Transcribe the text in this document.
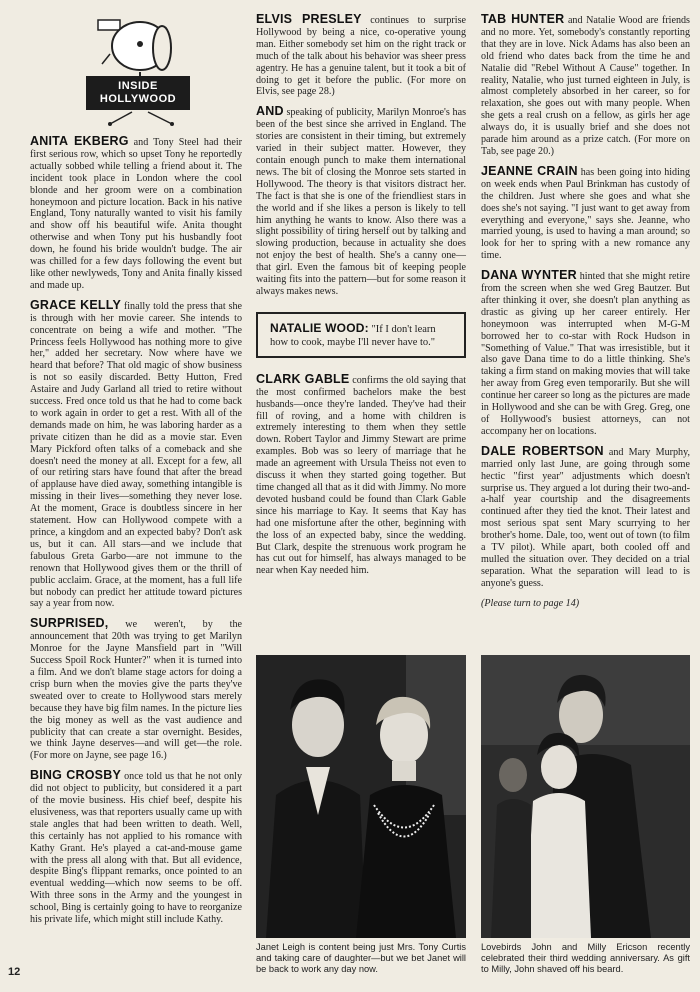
INSIDE
HOLLYWOOD

ANITA EKBERG and Tony Steel had their first serious row, which so upset Tony he reportedly actually sobbed while telling a friend about it. The incident took place in London where the cool blonde and her groom were on a combination honeymoon and picture location. Back in his native England, Tony naturally wanted to visit his family and show off his beautiful wife. Anita thought otherwise and when Tony put his husbandly foot down, he found his bride wouldn't budge. The air was chilled for a few days following the event but like other newlyweds, Tony and Anita finally kissed and made up.

GRACE KELLY finally told the press that she is through with her movie career. She intends to concentrate on being a wife and mother. "The Princess feels Hollywood has nothing more to give her," added her secretary. Now where have we heard that before? That old magic of show business is not so easily discarded. Betty Hutton, Fred Astaire and Judy Garland all tried to retire without success. Fred once told us that he had to come back to work again in order to get a rest. With all of the demands made on him, he was laboring harder as a private citizen than he did as a movie star. Even Mary Pickford often talks of a comeback and she doesn't need the money at all. Except for a few, all of our retiring stars have found that after the bread of applause have died away, something intangible is missing in their lives—something they never lose. At the moment, Grace is doubtless sincere in her statement. How can Hollywood compete with a prince, a kingdom and an expected baby? Don't ask us, but it can. All stars—and we include that fabulous Greta Garbo—are not immune to the renown that Hollywood gives them or the thrill of public acclaim. Grace, at the moment, has a full life but nobody can predict her attitude toward pictures say a year from now.

SURPRISED, we weren't, by the announcement that 20th was trying to get Marilyn Monroe for the Jayne Mansfield part in "Will Success Spoil Rock Hunter?" when it is turned into a film. And we don't blame stage actors for doing a crisp burn when the movies give the parts they've sweated over to create to Hollywood stars merely because they have big film names. In the picture lies the big money as well as the vast audience and publicity that can create a star overnight. Besides, we think Jayne deserves—and will get—the role. (For more on Jayne, see page 16.)

BING CROSBY once told us that he not only did not object to publicity, but considered it a part of the movie business. His chief beef, despite his elusiveness, was that reporters usually came up with stale angles that had been written to death. Well, this certainly has not applied to his romance with Kathy Grant. He's played a cat-and-mouse game with the press all along with that. But all evidence, despite Bing's flippant remarks, once pointed to an eventual wedding—which now seems to be off. With three sons in the Army and the youngest in school, Bing is certainly going to have to reorganize his private life, which might still include Kathy.

ELVIS PRESLEY continues to surprise Hollywood by being a nice, co-operative young man. Either somebody set him on the right track or much of the talk about his behavior was sheer press agentry. He has a genuine talent, but it took a bit of doing to get it before the public. (For more on Elvis, see page 28.)

AND speaking of publicity, Marilyn Monroe's has been of the best since she arrived in England. The stories are consistent in their timing, but extremely varied in their subject matter. However, they contain enough punch to make them international news. The bit of closing the Monroe sets started in Hollywood. The theory is that visitors distract her. The fact is that she is one of the friendliest stars in the world and if she likes a person is likely to tell him anything he wants to know. Also there was a slight possibility of tiring herself out by talking and slowing production, because in actuality she does not enjoy the best of health. She's a canny one—that girl. Even the famous bit of keeping people waiting fits into the pattern—but for some reason it always makes news.

NATALIE WOOD: "If I don't learn how to cook, maybe I'll never have to."

CLARK GABLE confirms the old saying that the most confirmed bachelors make the best husbands—once they're landed. They've had their fill of roving, and a home with children is extremely interesting to them when they settle down. Robert Taylor and Jimmy Stewart are prime examples. Bob was so leery of marriage that he made an agreement with Ursula Theiss not even to discuss it when they started going together. But time changed all that as it did with Jimmy. No more devoted husband could be found than Clark Gable since his marriage to Kay. It seems that Kay has had one misfortune after the other, beginning with the loss of an expected baby, since the wedding. But Clark, despite the strenuous work program he has cut out for himself, has always managed to be near when Kay needed him.

TAB HUNTER and Natalie Wood are friends and no more. Yet, somebody's constantly reporting that they are in love. Nick Adams has also been an old friend who dates back from the time he and Natalie did "Rebel Without A Cause" together. In reality, Natalie, who just turned eighteen in July, is almost completely absorbed in her career, so for relaxation, she goes out with many people. When she gets a real crush on a fellow, as girls her age always do, it is usually brief and she does not parade him around as a prize catch. (For more on Tab, see page 20.)

JEANNE CRAIN has been going into hiding on week ends when Paul Brinkman has custody of the children. Just where she goes and what she does she's not saying. "I just want to get away from everything and everyone," says she. Jeanne, who married young, is used to having a man around; so look for her to spring with a new romance any time.

DANA WYNTER hinted that she might retire from the screen when she wed Greg Bautzer. But after thinking it over, she doesn't plan anything as drastic as giving up her career entirely. Her honeymoon was interrupted when M-G-M borrowed her to co-star with Rock Hudson in "Something of Value." That was irresistible, but it also gave Dana time to do a little thinking. She's taking a firm stand on making movies that will take her away from Greg even temporarily. But she will continue her career so long as the pictures are made in Hollywood and she can be with Greg. Greg, one of Hollywood's busiest attorneys, can not accompany her on locations.

DALE ROBERTSON and Mary Murphy, married only last June, are going through some hectic "first year" adjustments which doesn't surprise us. They argued a lot during their two-and-a-half year courtship and the disagreements continued after they tied the knot. Their latest and most serious spat sent Mary scurrying to her brother's home. Dale, too, went out of town (to film a TV pilot). While apart, both cooled off and mulled the situation over. They decided on a trial separation. What the separation will lead to is anyone's guess.

(Please turn to page 14)

Janet Leigh is content being just Mrs. Tony Curtis and taking care of daughter—but we bet Janet will be back to work any day now.
Lovebirds John and Milly Ericson recently celebrated their third wedding anniversary. As gift to Milly, John shaved off his beard.
12
